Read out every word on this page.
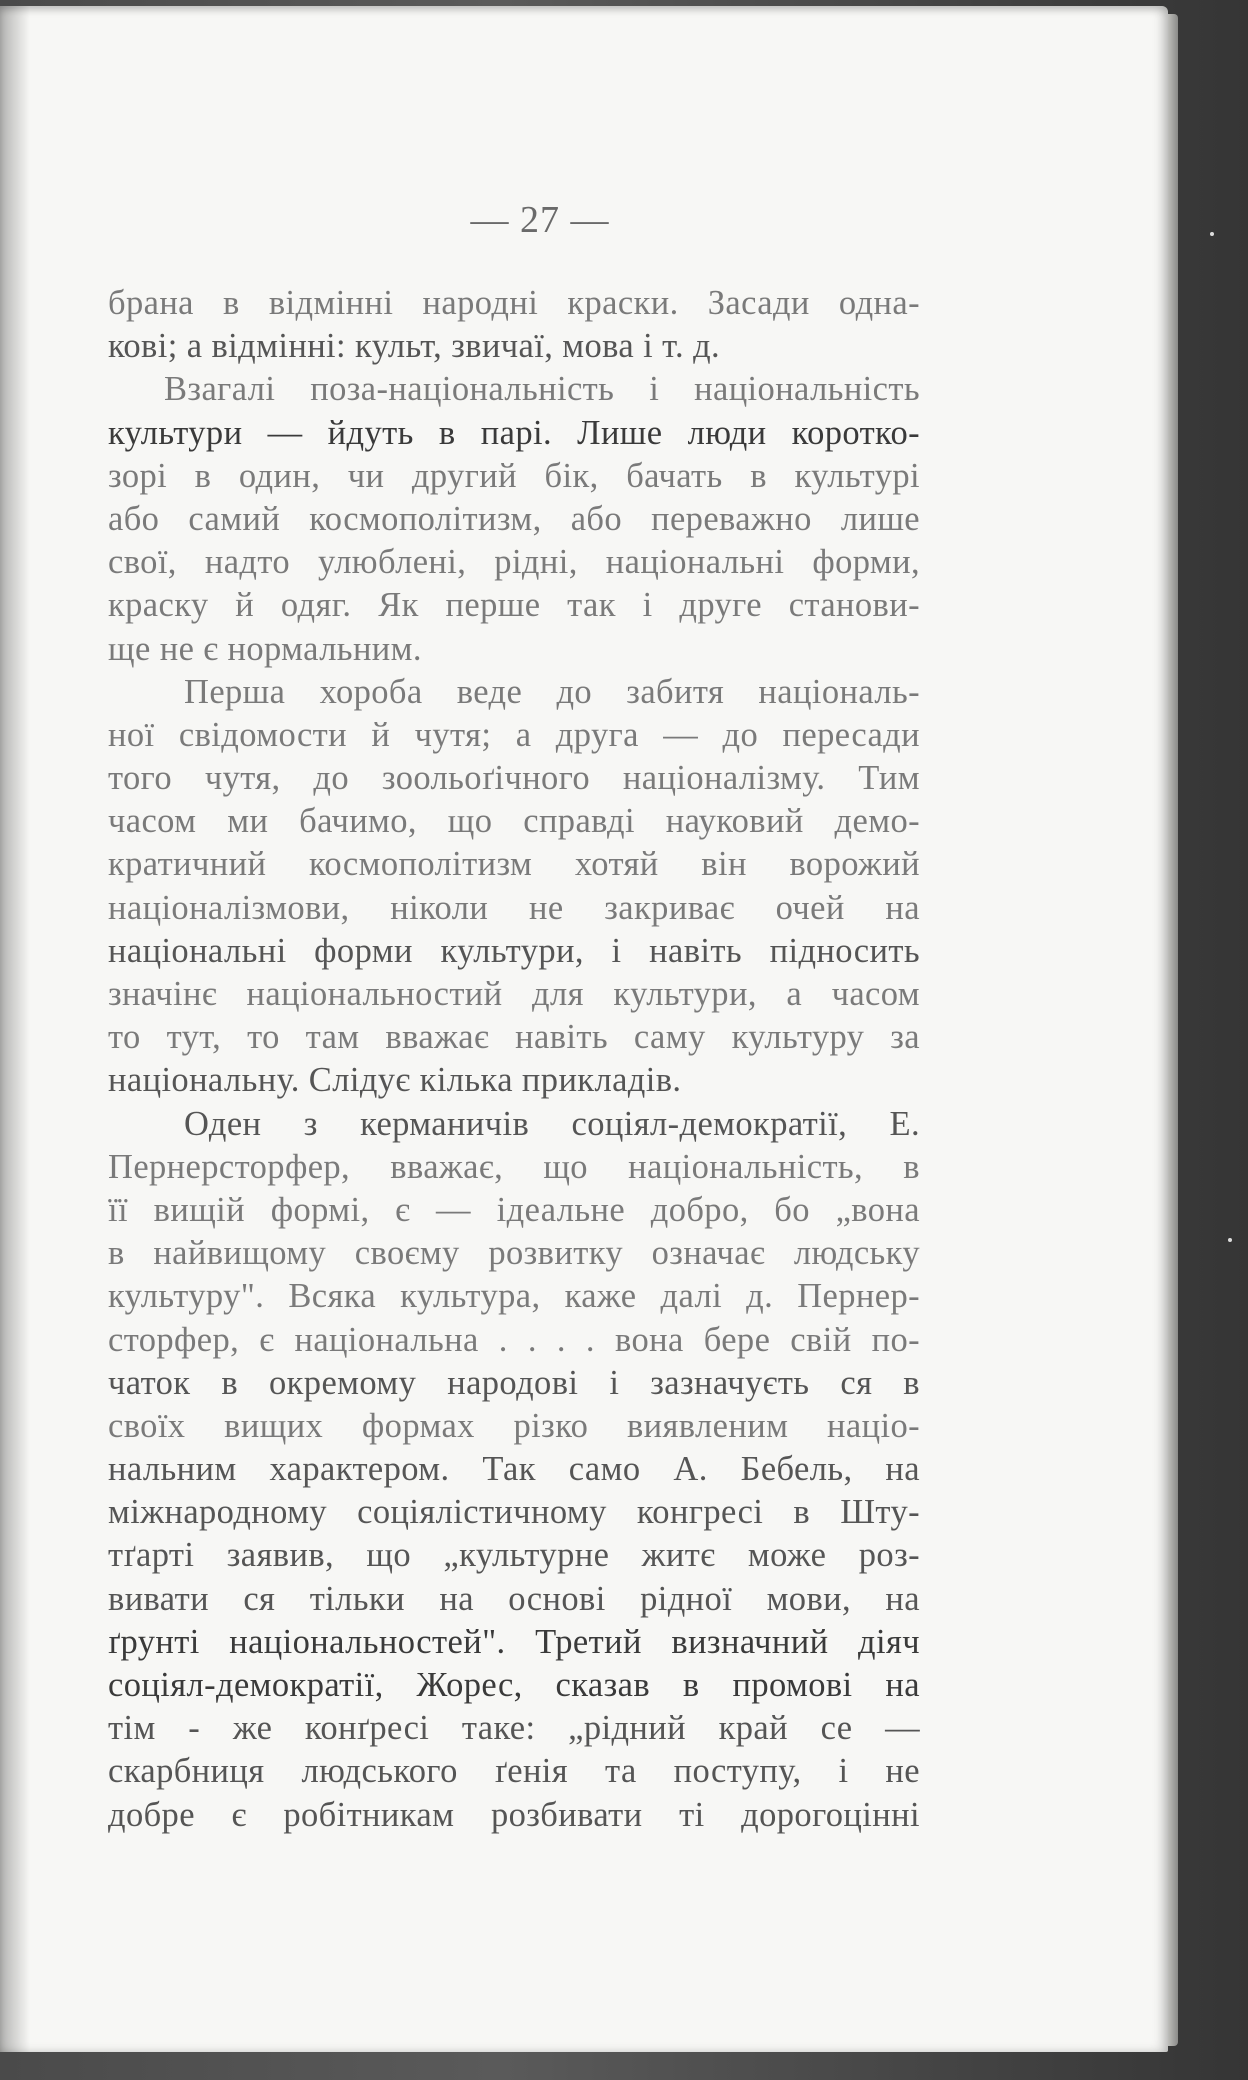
— 27 —
брана в відмінні народні краски. Засади одна-
кові; а відмінні: культ, звичаї, мова і т. д.
Взагалі поза-національність і національність
культури — йдуть в парі. Лише люди коротко-
зорі в один, чи другий бік, бачать в культурі
або самий космополітизм, або переважно лише
свої, надто улюблені, рідні, національні форми,
краску й одяг. Як перше так і друге станови-
ще не є нормальним.
Перша хороба веде до забитя національ-
ної свідомости й чутя; а друга — до пересади
того чутя, до зоольоґічного націоналізму. Тим
часом ми бачимо, що справді науковий демо-
кратичний космополітизм хотяй він ворожий
націоналізмови, ніколи не закриває очей на
національні форми культури, і навіть підносить
значінє національностий для культури, а часом
то тут, то там вважає навіть саму культуру за
національну. Слідує кілька прикладів.
Оден з керманичів соціял-демократії, Е.
Пернерсторфер, вважає, що національність, в
її вищій формі, є — ідеальне добро, бо „вона
в найвищому своєму розвитку означає людську
культуру". Всяка культура, каже далі д. Пернер-
сторфер, є національна . . . . вона бере свій по-
чаток в окремому народові і зазначуєть ся в
своїх вищих формах різко виявленим націо-
нальним характером. Так само А. Бебель, на
міжнародному соціялістичному конгресі в Шту-
тґарті заявив, що „культурне житє може роз-
вивати ся тільки на основі рідної мови, на
ґрунті національностей". Третий визначний діяч
соціял-демократії, Жорес, сказав в промові на
тім - же конґресі таке: „рідний край се —
скарбниця людського ґенія та поступу, і не
добре є робітникам розбивати ті дорогоцінні
